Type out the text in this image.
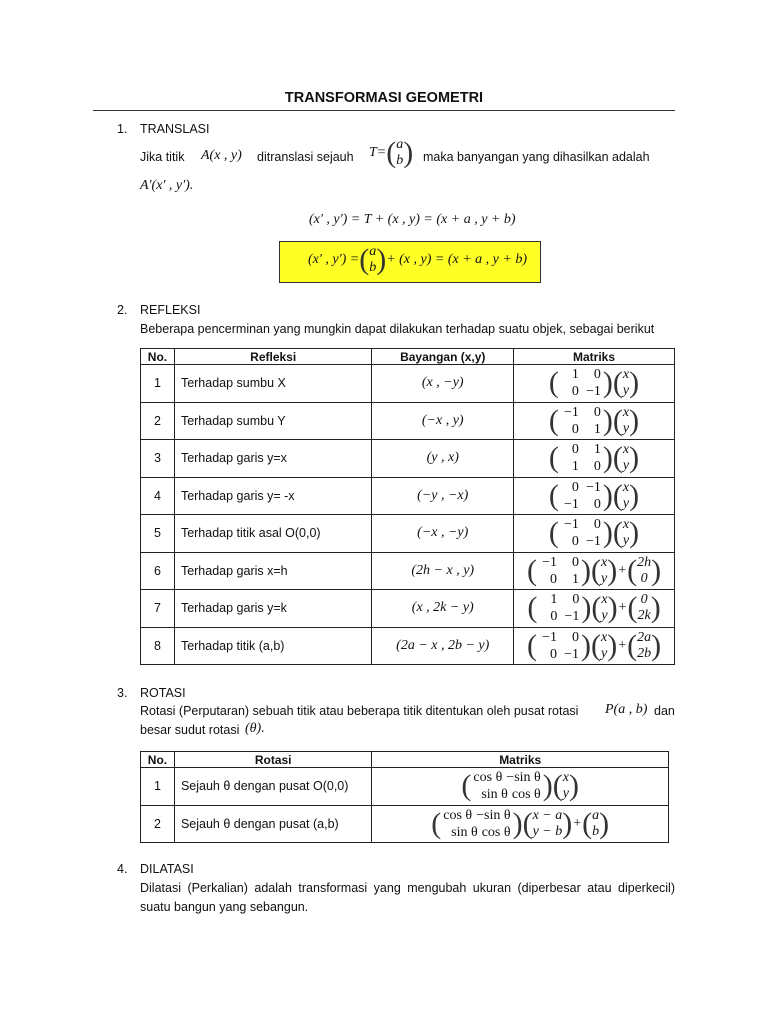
TRANSFORMASI GEOMETRI
1. TRANSLASI
Jika titik A(x , y) ditranslasi sejauh T=(a
b) maka banyangan yang dihasilkan adalah
A'(x' , y').
(x' , y') = T + (x , y) = (x + a , y + b)
(x' , y') =(a
b)+ (x , y) = (x + a , y + b)
2. REFLEKSI
Beberapa pencerminan yang mungkin dapat dilakukan terhadap suatu objek, sebagai berikut
No.	Refleksi	Bayangan (x,y)	Matriks
1	Terhadap sumbu X	(x , −y)	( 1 0
0 −1)(x
y)
2	Terhadap sumbu Y	(−x , y)	( −1 0
0 1)(x
y)
3	Terhadap garis y=x	(y , x)	( 0 1
1 0)(x
y)
4	Terhadap garis y= -x	(−y , −x)	( 0 −1
−1 0)(x
y)
5	Terhadap titik asal O(0,0)	(−x , −y)	( −1 0
0 −1)(x
y)
6	Terhadap garis x=h	(2h − x , y)	( −1 0
0 1)(x
y)+(2h
0 )
7	Terhadap garis y=k	(x , 2k − y)	( 1 0
0 −1)(x
y)+( 0
2k)
8	Terhadap titik (a,b)	(2a − x , 2b − y)	( −1 0
0 −1)(x
y)+(2a
2b)
3. ROTASI
Rotasi (Perputaran) sebuah titik atau beberapa titik ditentukan oleh pusat rotasi P(a , b) dan
besar sudut rotasi (θ).
No.	Rotasi	Matriks
1	Sejauh θ dengan pusat O(0,0)	( cos θ −sin θ
sin θ cos θ)(x
y)
2	Sejauh θ dengan pusat (a,b)	( cos θ −sin θ
sin θ cos θ)(x − a
y − b)+(a
b)
4. DILATASI
Dilatasi (Perkalian) adalah transformasi yang mengubah ukuran (diperbesar atau diperkecil) suatu bangun yang sebangun.
